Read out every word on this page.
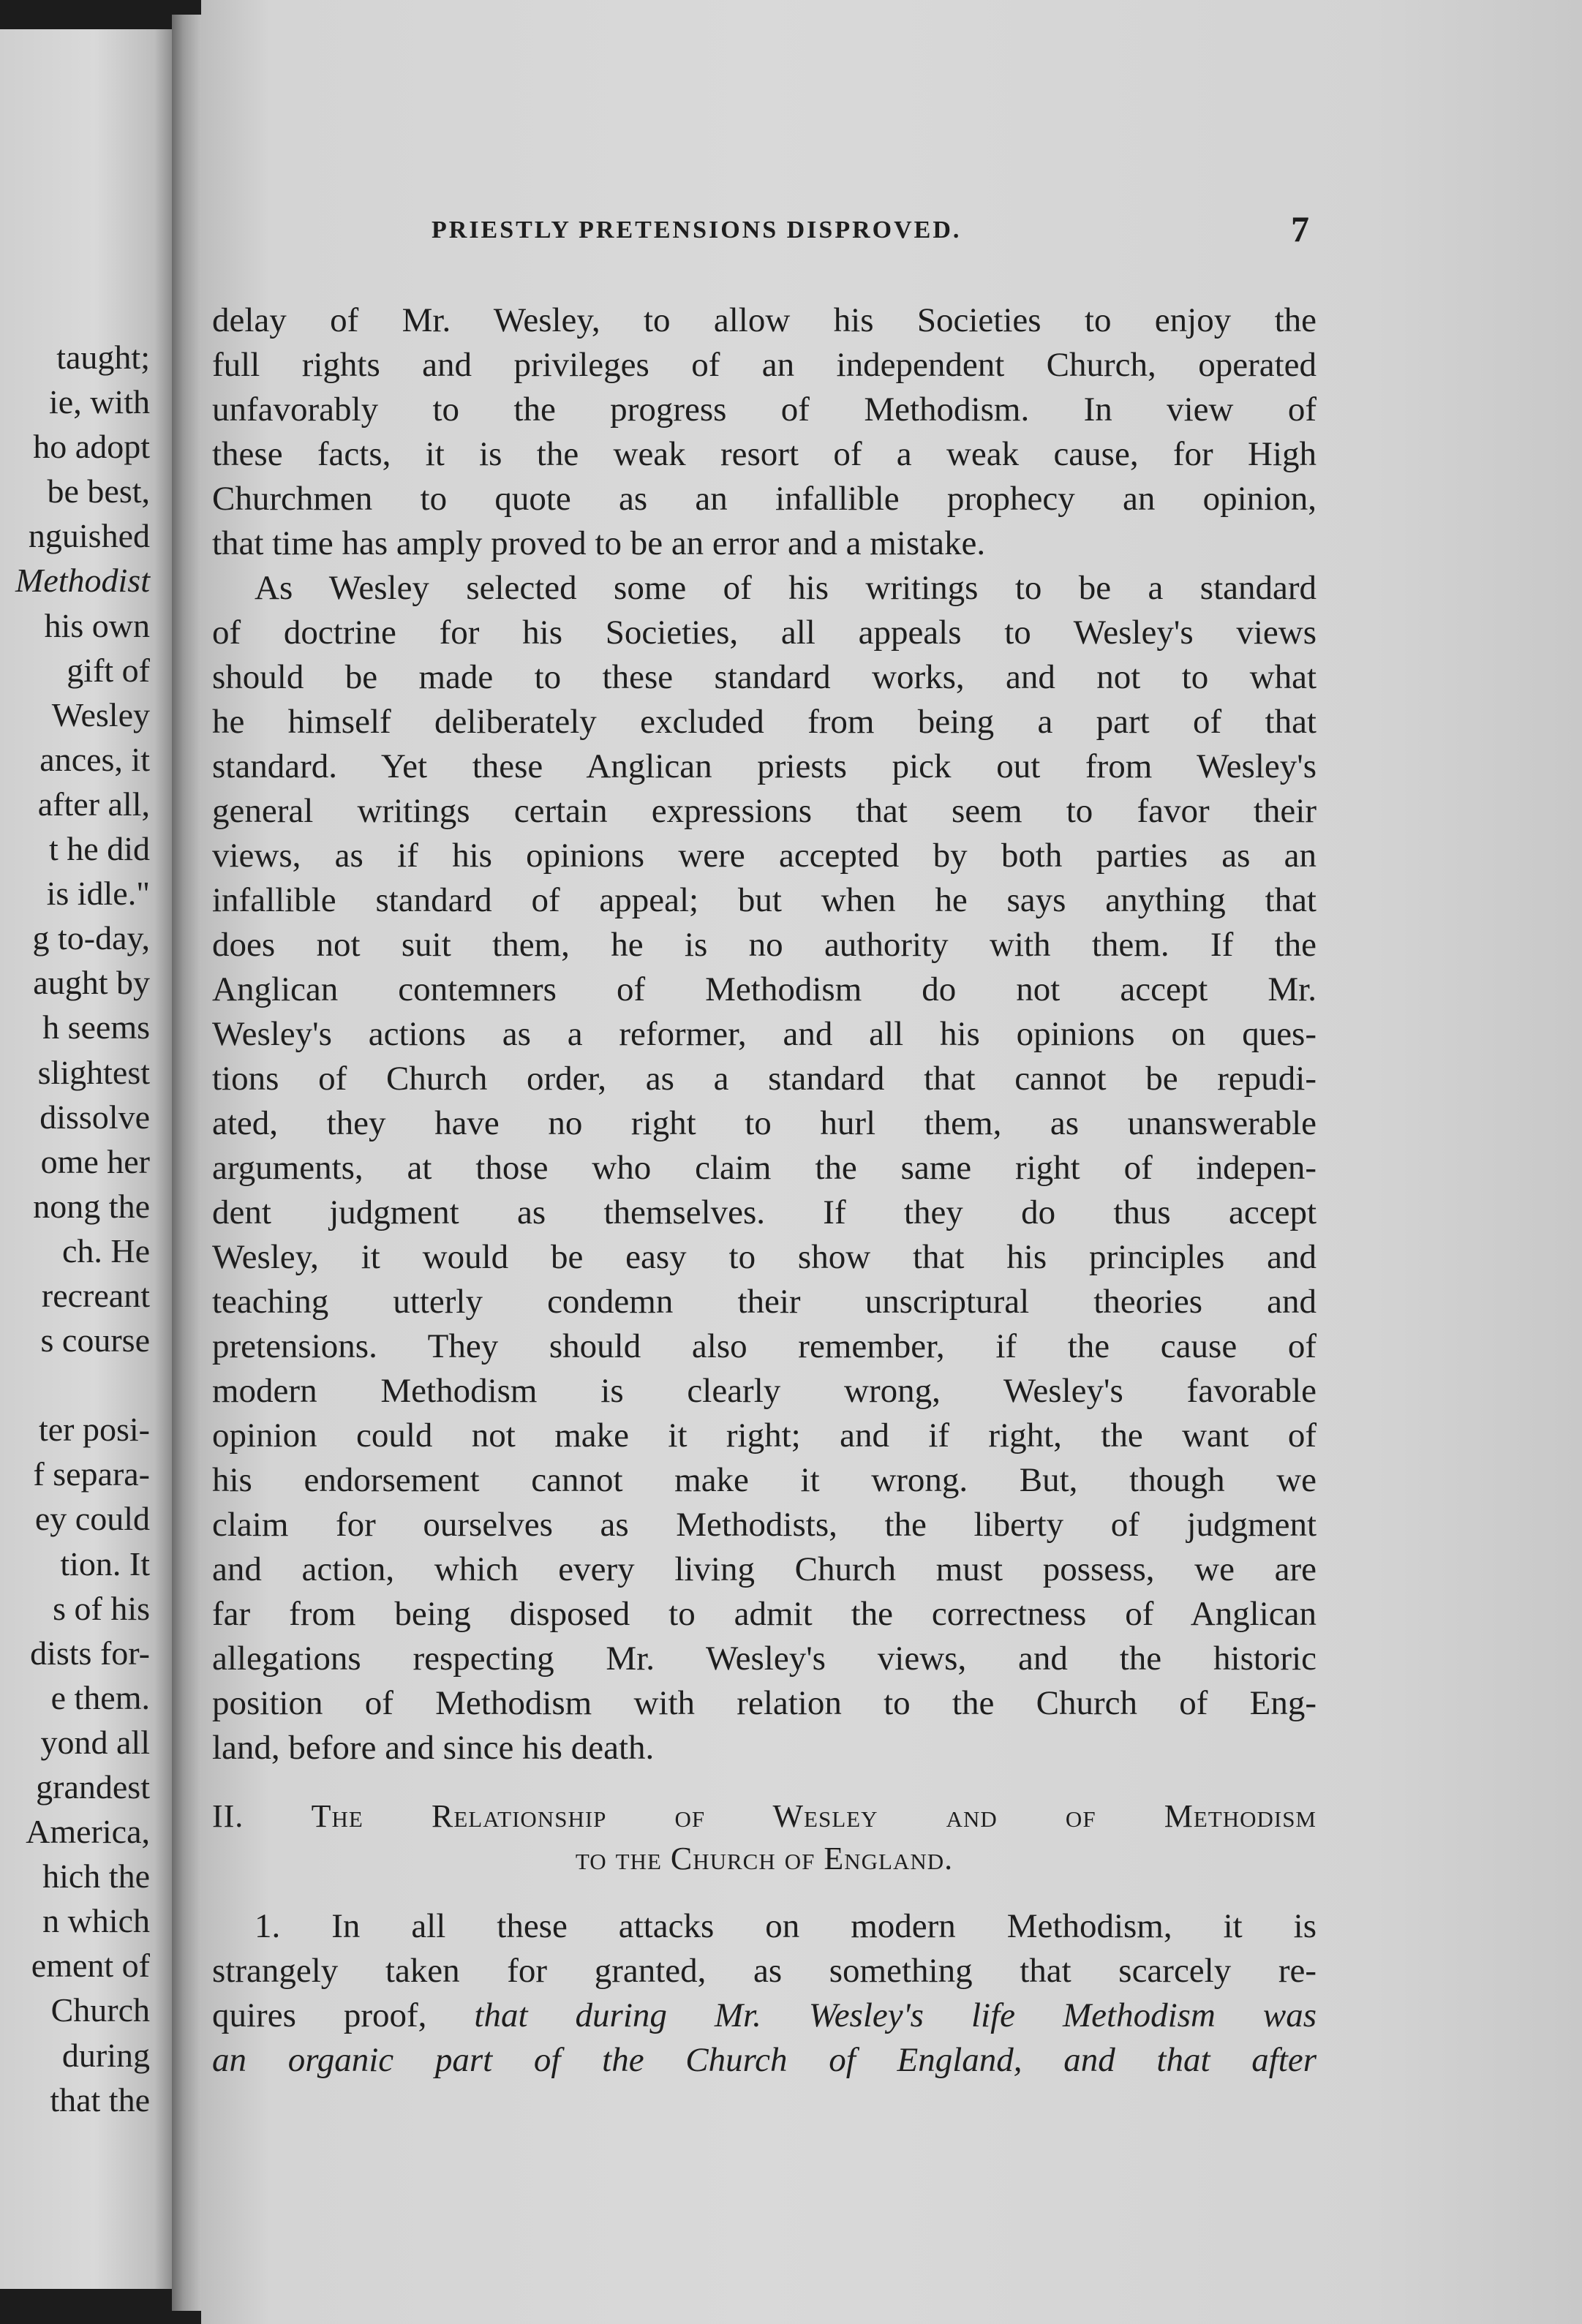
taught;
ie, with
ho adopt
be best,
nguished
Methodist
his own
gift of
Wesley
ances, it
after all,
t he did
is idle."
g to-day,
aught by
h seems
slightest
dissolve
ome her
nong the
ch. He
recreant
s course

ter posi-
f separa-
ey could
tion. It
s of his
dists for-
e them.
yond all
grandest
America,
hich the
n which
ement of
Church
during
that the
PRIESTLY PRETENSIONS DISPROVED.	7
delay of Mr. Wesley, to allow his Societies to enjoy the
full rights and privileges of an independent Church, operated
unfavorably to the progress of Methodism. In view of
these facts, it is the weak resort of a weak cause, for High
Churchmen to quote as an infallible prophecy an opinion,
that time has amply proved to be an error and a mistake.
As Wesley selected some of his writings to be a standard
of doctrine for his Societies, all appeals to Wesley's views
should be made to these standard works, and not to what
he himself deliberately excluded from being a part of that
standard. Yet these Anglican priests pick out from Wesley's
general writings certain expressions that seem to favor their
views, as if his opinions were accepted by both parties as an
infallible standard of appeal; but when he says anything that
does not suit them, he is no authority with them. If the
Anglican contemners of Methodism do not accept Mr.
Wesley's actions as a reformer, and all his opinions on ques-
tions of Church order, as a standard that cannot be repudi-
ated, they have no right to hurl them, as unanswerable
arguments, at those who claim the same right of indepen-
dent judgment as themselves. If they do thus accept
Wesley, it would be easy to show that his principles and
teaching utterly condemn their unscriptural theories and
pretensions. They should also remember, if the cause of
modern Methodism is clearly wrong, Wesley's favorable
opinion could not make it right; and if right, the want of
his endorsement cannot make it wrong. But, though we
claim for ourselves as Methodists, the liberty of judgment
and action, which every living Church must possess, we are
far from being disposed to admit the correctness of Anglican
allegations respecting Mr. Wesley's views, and the historic
position of Methodism with relation to the Church of Eng-
land, before and since his death.
II. The Relationship of Wesley and of Methodism
to the Church of England.
1. In all these attacks on modern Methodism, it is
strangely taken for granted, as something that scarcely re-
quires proof, that during Mr. Wesley's life Methodism was
an organic part of the Church of England, and that after
